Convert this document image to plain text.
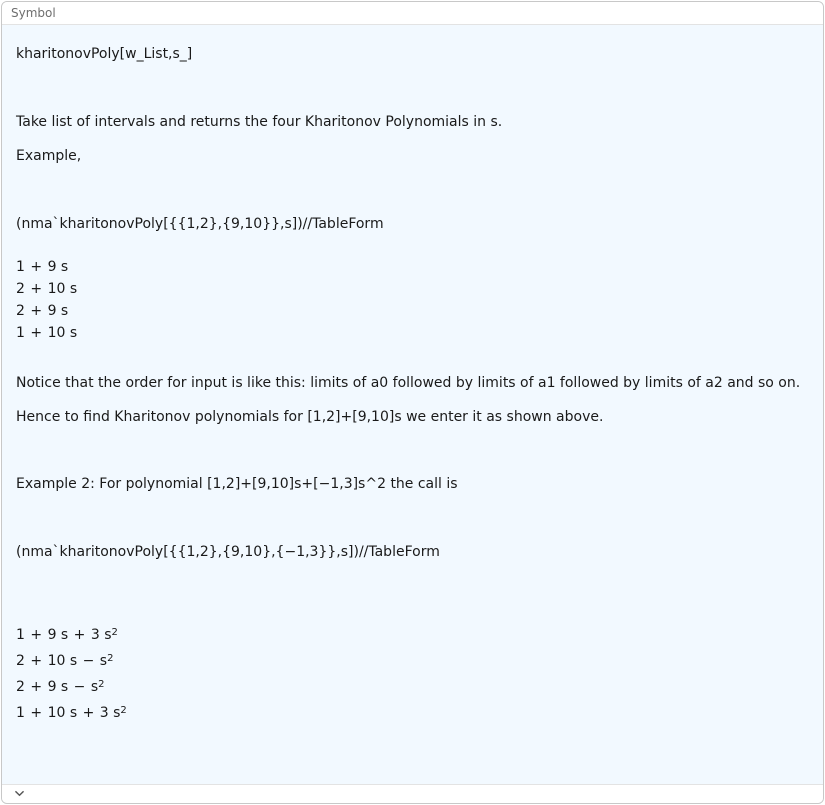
Symbol
kharitonovPoly[w_List,s_]
Take list of intervals and returns the four Kharitonov Polynomials in s.
Example,
(nma`kharitonovPoly[{{1,2},{9,10}},s])//TableForm
1 + 9 s
2 + 10 s
2 + 9 s
1 + 10 s
Notice that the order for input is like this: limits of a0 followed by limits of a1 followed by limits of a2 and so on.
Hence to find Kharitonov polynomials for [1,2]+[9,10]s we enter it as shown above.
Example 2: For polynomial [1,2]+[9,10]s+[−1,3]s^2 the call is
(nma`kharitonovPoly[{{1,2},{9,10},{−1,3}},s])//TableForm
1 + 9 s + 3 $s^2$
2 + 10 $s - s^2$
2 + 9 $s - s^2$
1 + 10 s + 3 $s^2$
